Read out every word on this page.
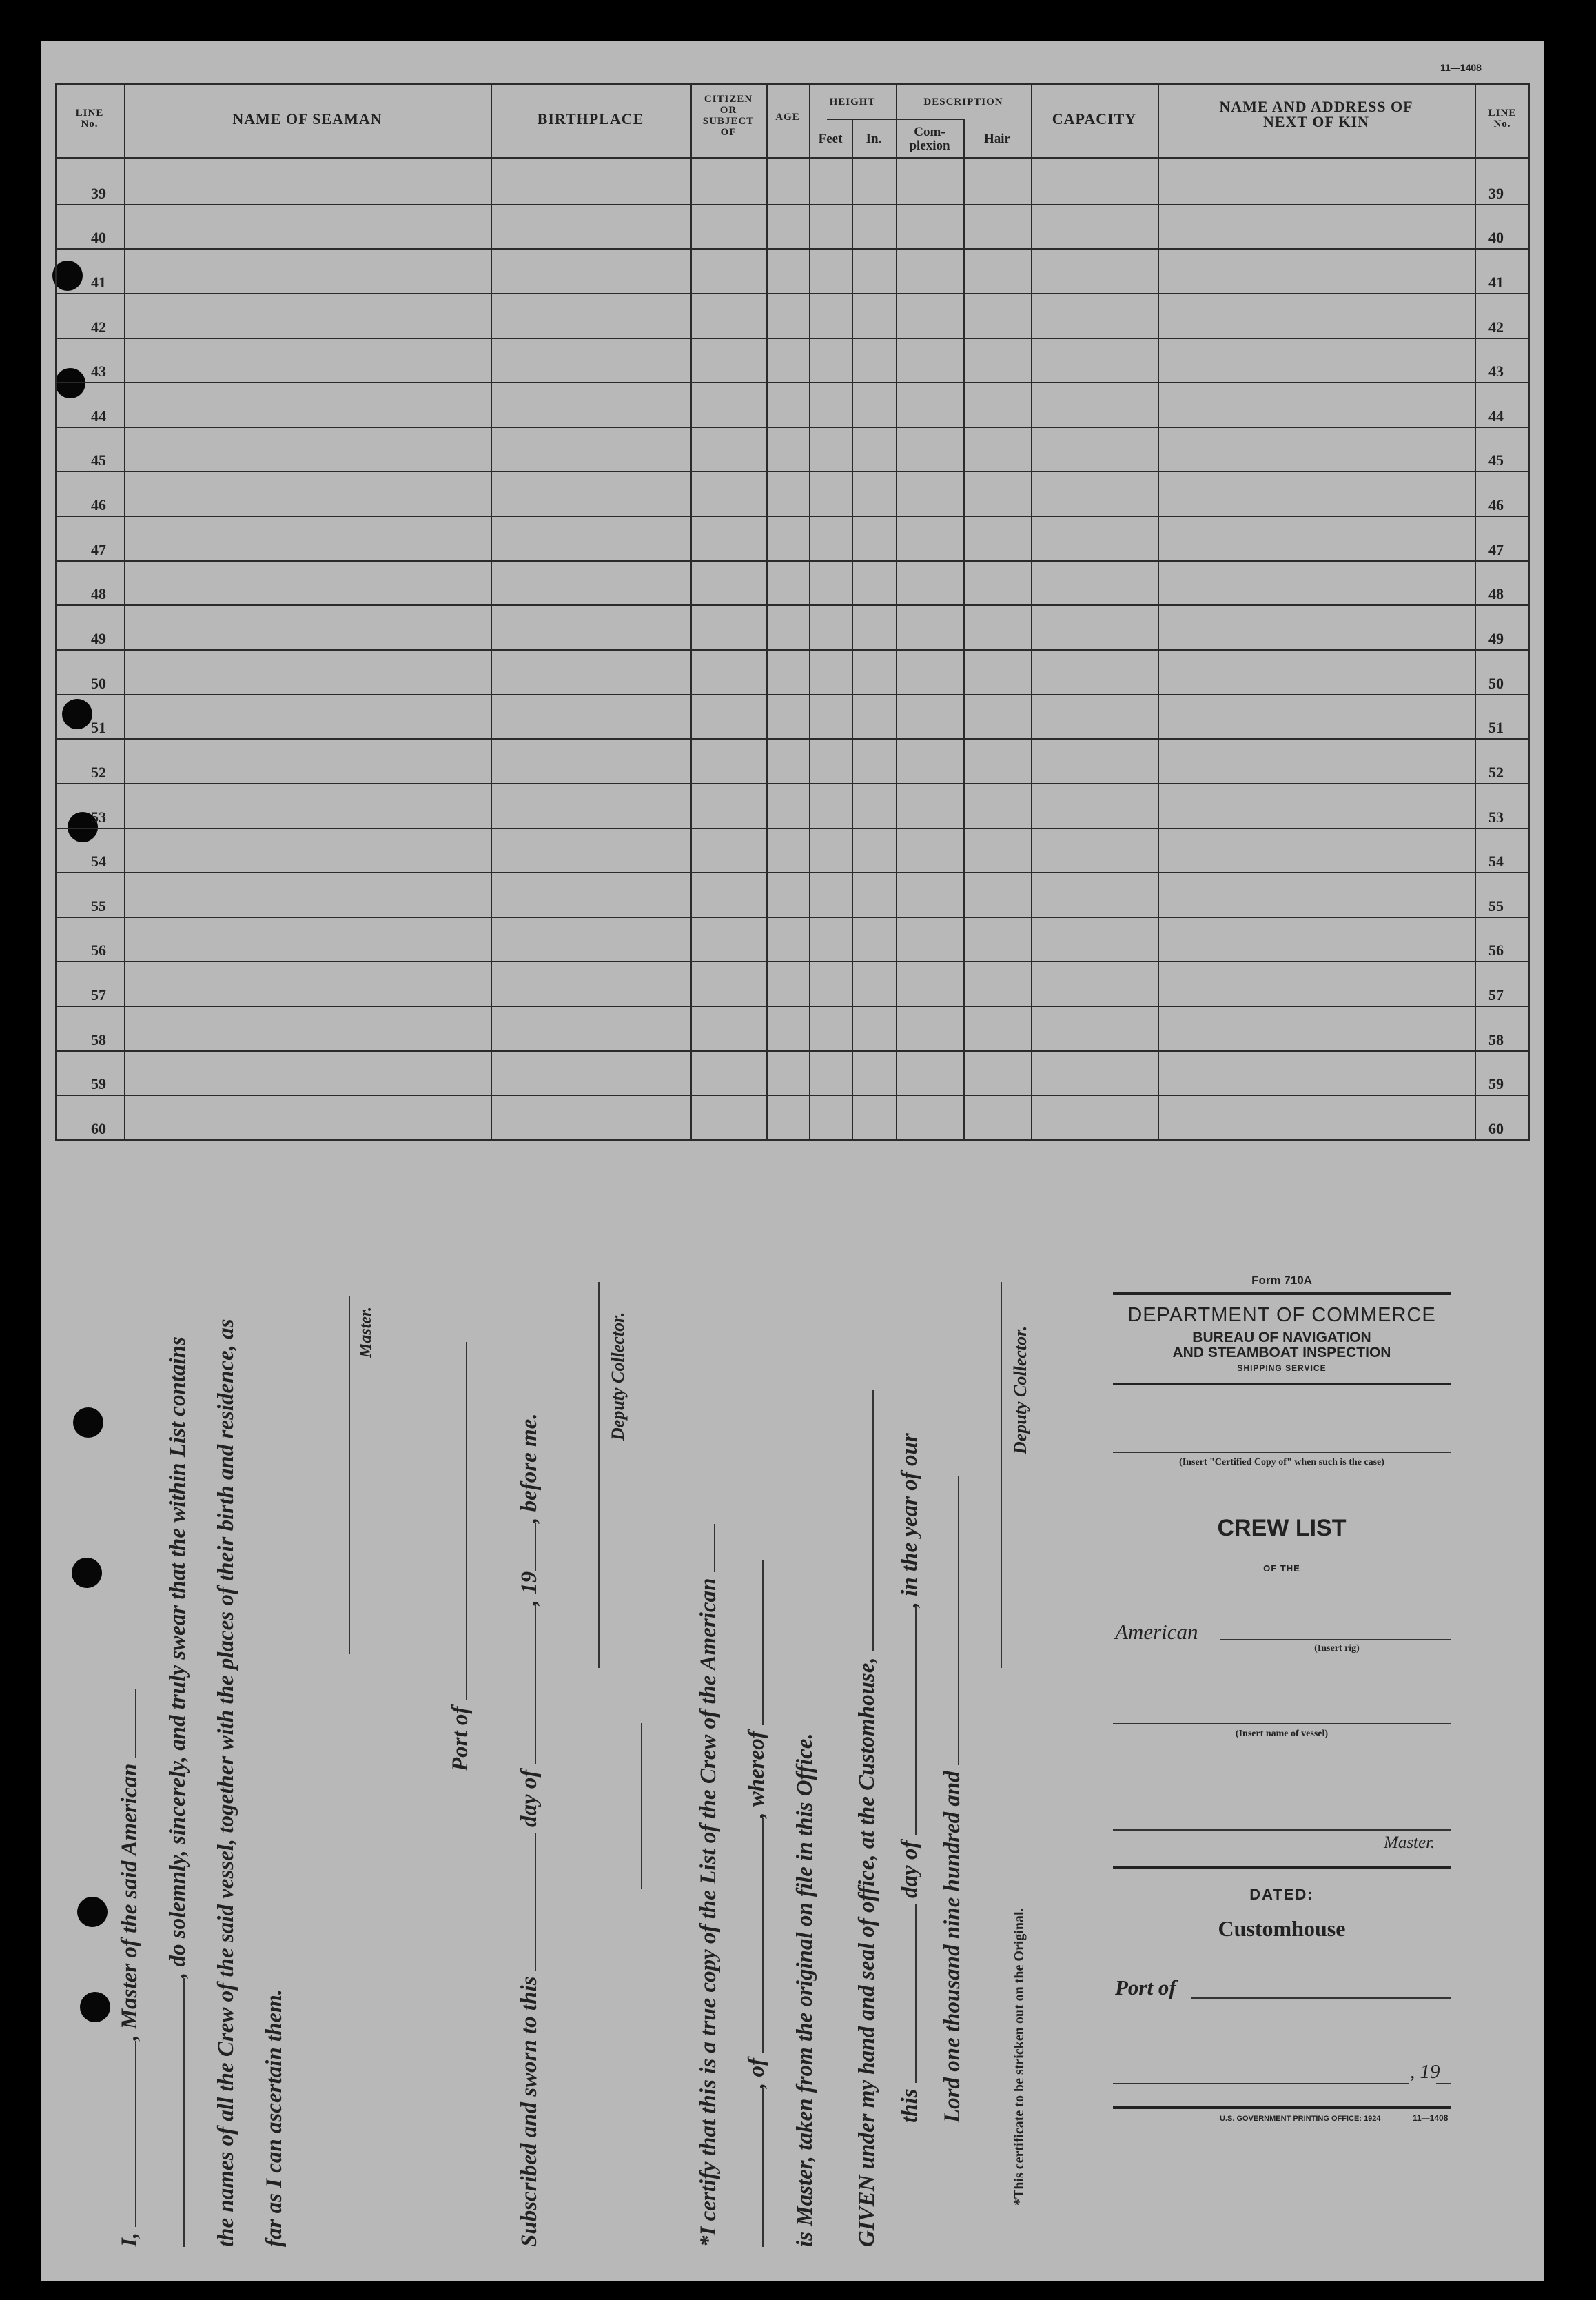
11—1408
LINE
No.	NAME OF SEAMAN	BIRTHPLACE
CITIZEN
OR
SUBJECT
OF
AGE
HEIGHT
Feet	In.
DESCRIPTION
Com-
plexion	Hair
CAPACITY
NAME AND ADDRESS OF
NEXT OF KIN	LINE
No.
39	39
40	40
41	41
42	42
43	43
44	44
45	45
46	46
47	47
48	48
49	49
50	50
51	51
52	52
53	53
54	54
55	55
56	56
57	57
58	58
59	59
60	60
I, , Master of the said American , do solemnly, sincerely, and truly swear that the within List contains the names of all the Crew of the said vessel, together with the places of their birth and residence, as far as I can ascertain them.
Master.
Port of
Subscribed and sworn to this  day of , 19, before me.
Deputy Collector.
*I certify that this is a true copy of the List of the Crew of the American , of , whereof is Master, taken from the original on file in this Office. GIVEN under my hand and seal of office, at the Customhouse, this  day of , in the year of our
Lord one thousand nine hundred and
Deputy Collector.
*This certificate to be stricken out on the Original.
Form 710A
DEPARTMENT OF COMMERCE
BUREAU OF NAVIGATION
AND STEAMBOAT INSPECTION
SHIPPING SERVICE
(Insert "Certified Copy of" when such is the case)
CREW LIST
OF THE
American
(Insert rig)
(Insert name of vessel)
Master.
DATED:
Customhouse
Port of
, 19
U.S. GOVERNMENT PRINTING OFFICE: 1924	11—1408
